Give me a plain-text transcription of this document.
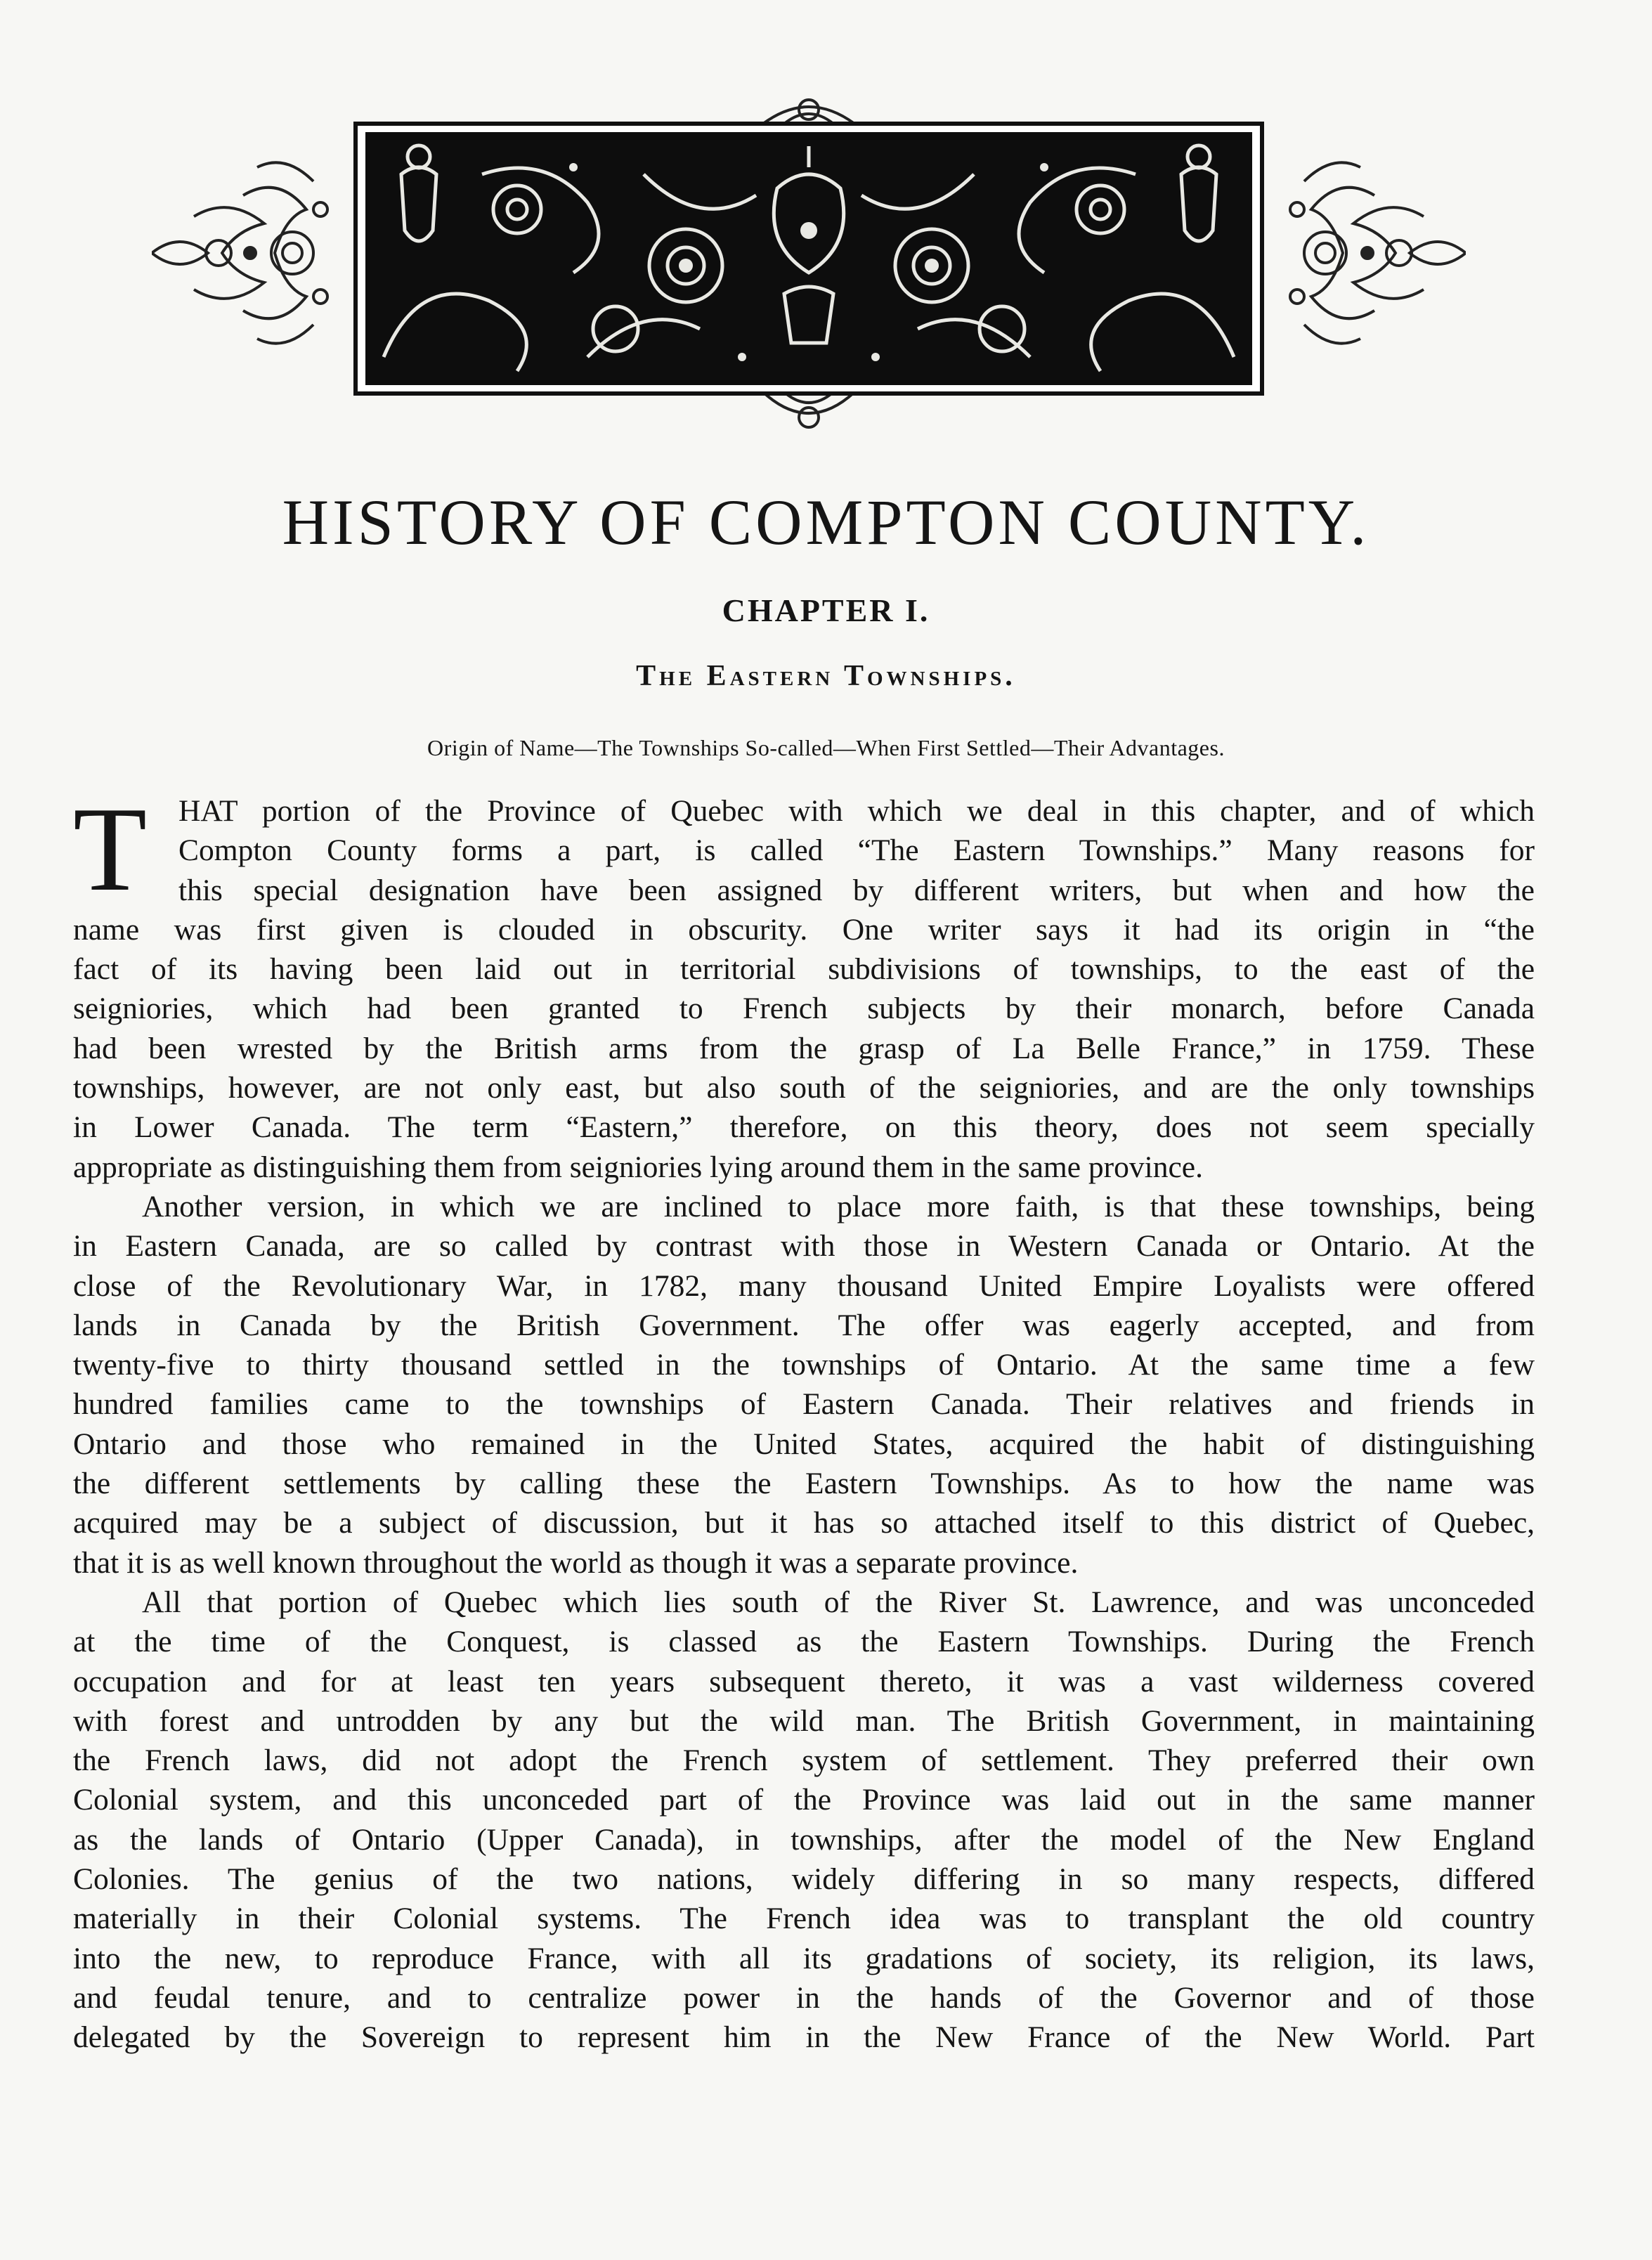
HISTORY OF COMPTON COUNTY.
CHAPTER I.
The Eastern Townships.

Origin of Name—The Townships So-called—When First Settled—Their Advantages.

T	HAT portion of the Province of Quebec with which we deal in this chapter, and of which
Compton County forms a part, is called “The Eastern Townships.” Many reasons for
this special designation have been assigned by different writers, but when and how the
name was first given is clouded in obscurity. One writer says it had its origin in “the
fact of its having been laid out in territorial subdivisions of townships, to the east of the
seigniories, which had been granted to French subjects by their monarch, before Canada
had been wrested by the British arms from the grasp of La Belle France,” in 1759. These
townships, however, are not only east, but also south of the seigniories, and are the only townships
in Lower Canada. The term “Eastern,” therefore, on this theory, does not seem specially
appropriate as distinguishing them from seigniories lying around them in the same province.
Another version, in which we are inclined to place more faith, is that these townships, being
in Eastern Canada, are so called by contrast with those in Western Canada or Ontario. At the
close of the Revolutionary War, in 1782, many thousand United Empire Loyalists were offered
lands in Canada by the British Government. The offer was eagerly accepted, and from
twenty-five to thirty thousand settled in the townships of Ontario. At the same time a few
hundred families came to the townships of Eastern Canada. Their relatives and friends in
Ontario and those who remained in the United States, acquired the habit of distinguishing
the different settlements by calling these the Eastern Townships. As to how the name was
acquired may be a subject of discussion, but it has so attached itself to this district of Quebec,
that it is as well known throughout the world as though it was a separate province.
All that portion of Quebec which lies south of the River St. Lawrence, and was unconceded
at the time of the Conquest, is classed as the Eastern Townships. During the French
occupation and for at least ten years subsequent thereto, it was a vast wilderness covered
with forest and untrodden by any but the wild man. The British Government, in maintaining
the French laws, did not adopt the French system of settlement. They preferred their own
Colonial system, and this unconceded part of the Province was laid out in the same manner
as the lands of Ontario (Upper Canada), in townships, after the model of the New England
Colonies. The genius of the two nations, widely differing in so many respects, differed
materially in their Colonial systems. The French idea was to transplant the old country
into the new, to reproduce France, with all its gradations of society, its religion, its laws,
and feudal tenure, and to centralize power in the hands of the Governor and of those
delegated by the Sovereign to represent him in the New France of the New World. Part
